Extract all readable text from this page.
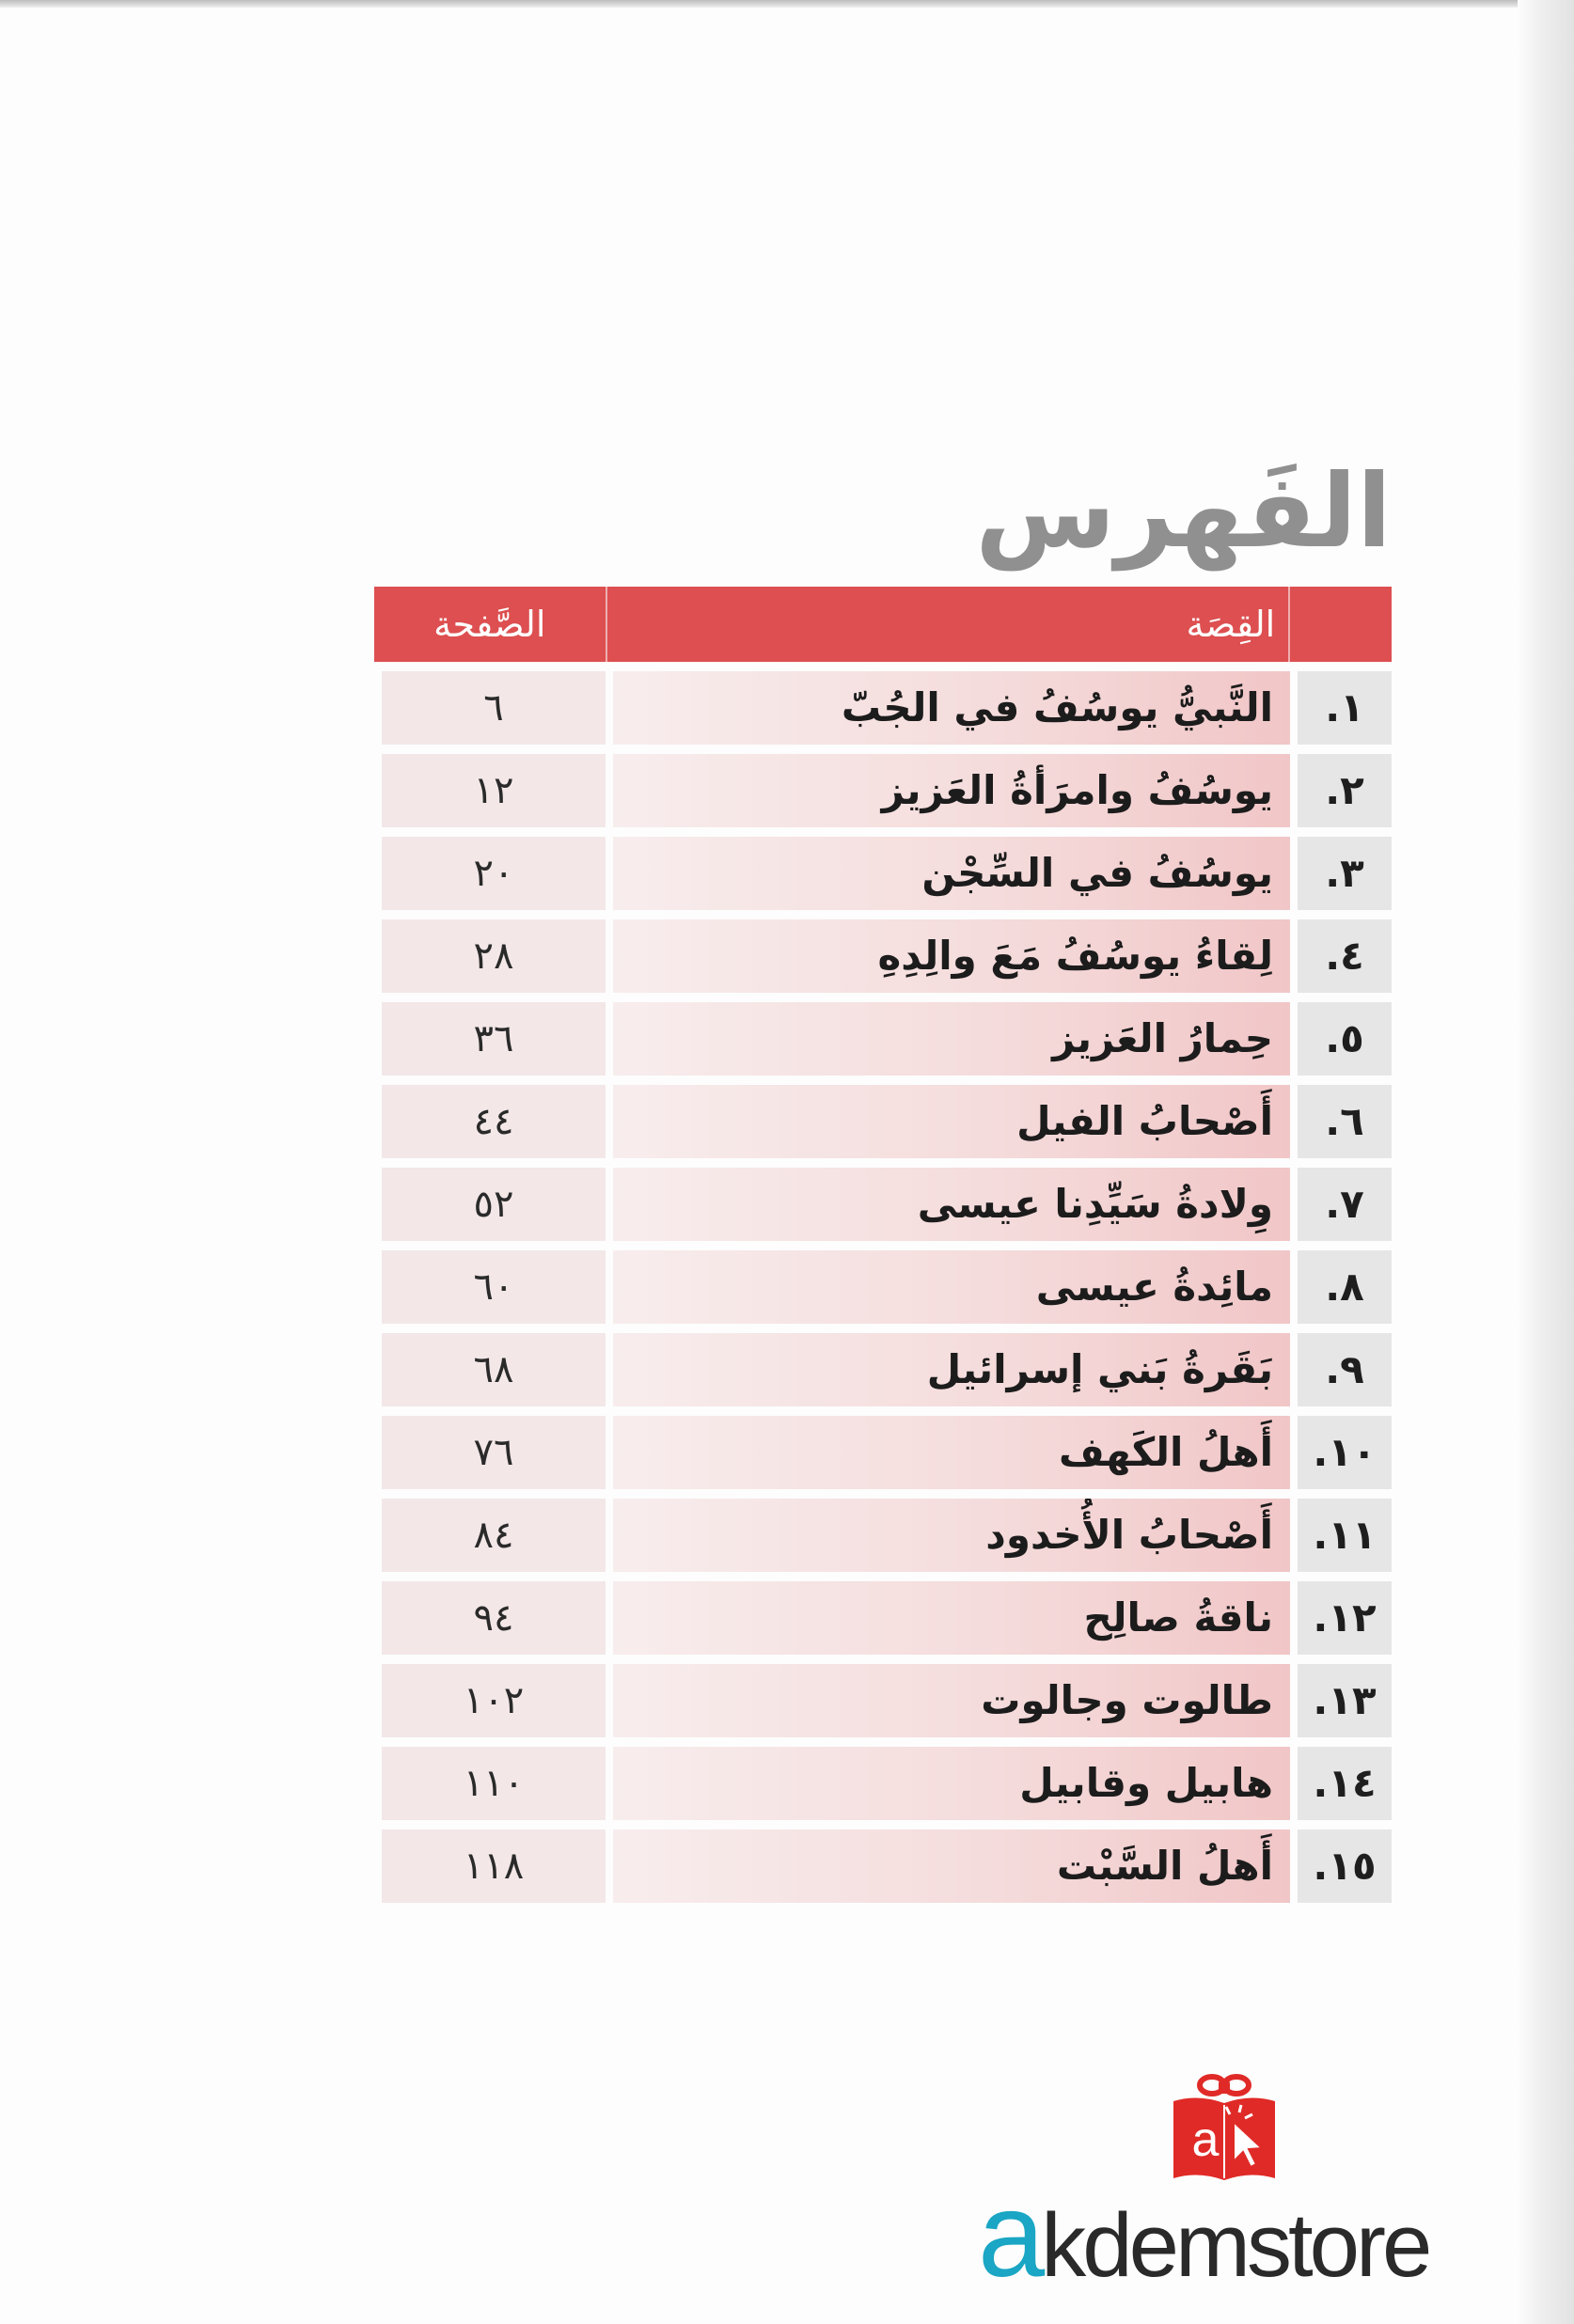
الفَهرس
القِصَة
الصَّفحة
١.
النَّبيُّ يوسُفُ في الجُبّ
٦
٢.
يوسُفُ وامرَأةُ العَزيز
١٢
٣.
يوسُفُ في السِّجْن
٢٠
٤.
لِقاءُ يوسُفُ مَعَ والِدِهِ
٢٨
٥.
حِمارُ العَزيز
٣٦
٦.
أَصْحابُ الفيل
٤٤
٧.
وِلادةُ سَيِّدِنا عيسى
٥٢
٨.
مائِدةُ عيسى
٦٠
٩.
بَقَرةُ بَني إسرائيل
٦٨
١٠.
أَهلُ الكَهف
٧٦
١١.
أَصْحابُ الأُخدود
٨٤
١٢.
ناقةُ صالِح
٩٤
١٣.
طالوت وجالوت
١٠٢
١٤.
هابيل وقابيل
١١٠
١٥.
أَهلُ السَّبْت
١١٨
a
akdemstore
